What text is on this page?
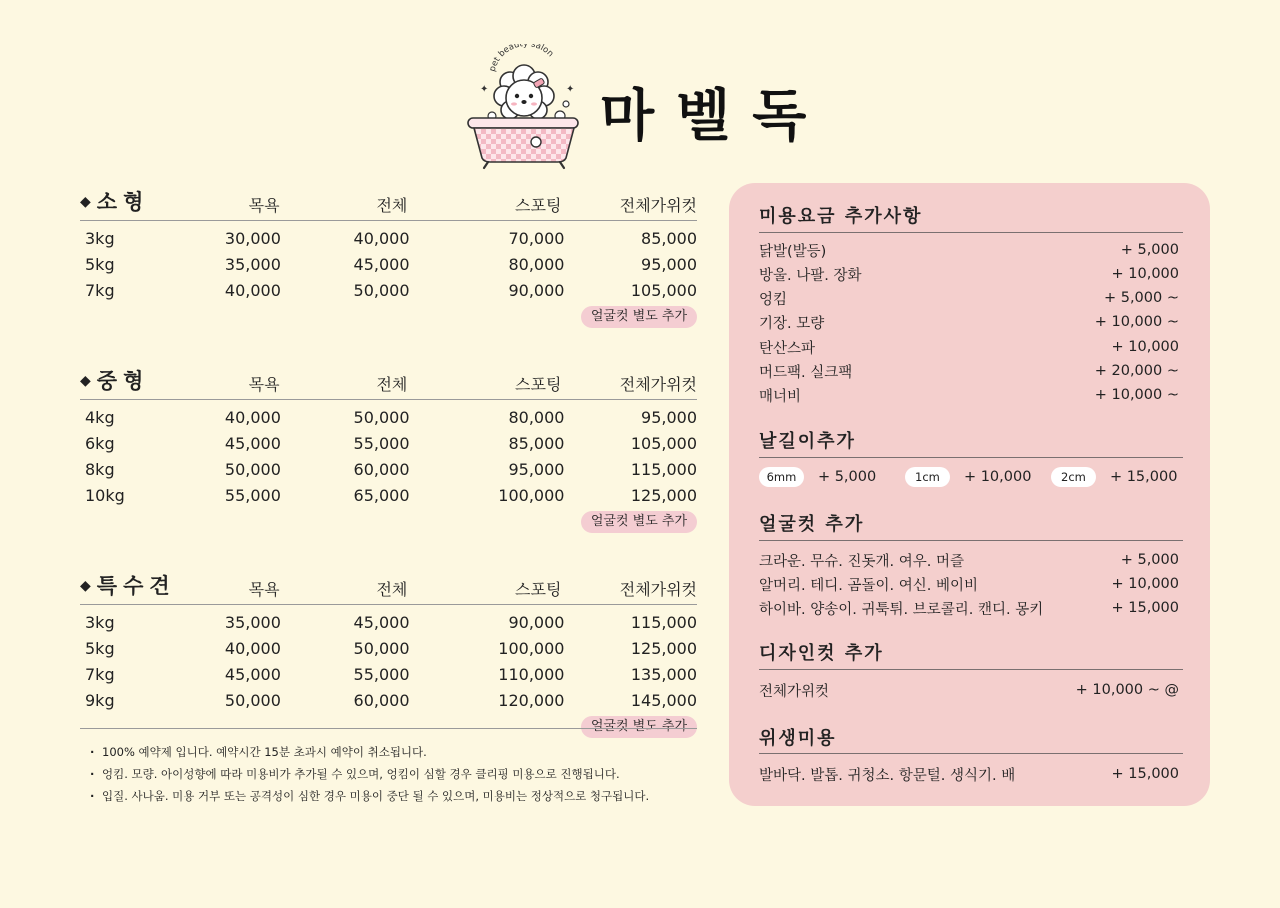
pet beauty salon
✦	✦ 마벨독
◆ 소형	목욕	전체	스포팅	전체가위컷
3kg	30,000	40,000	70,000	85,000
5kg	35,000	45,000	80,000	95,000
7kg	40,000	50,000	90,000	105,000
얼굴컷 별도 추가
◆ 중형	목욕	전체	스포팅	전체가위컷
4kg	40,000	50,000	80,000	95,000
6kg	45,000	55,000	85,000	105,000
8kg	50,000	60,000	95,000	115,000
10kg	55,000	65,000	100,000	125,000
얼굴컷 별도 추가
◆ 특수견	목욕	전체	스포팅	전체가위컷
3kg	35,000	45,000	90,000	115,000
5kg	40,000	50,000	100,000	125,000
7kg	45,000	55,000	110,000	135,000
9kg	50,000	60,000	120,000	145,000
얼굴컷 별도 추가
· 100% 예약제 입니다. 예약시간 15분 초과시 예약이 취소됩니다.
· 엉킴. 모량. 아이성향에 따라 미용비가 추가될 수 있으며, 엉킴이 심할 경우 클리핑 미용으로 진행됩니다.
· 입질. 사나움. 미용 거부 또는 공격성이 심한 경우 미용이 중단 될 수 있으며, 미용비는 정상적으로 청구됩니다.
미용요금 추가사항
닭발(발등)	+ 5,000
방울. 나팔. 장화	+ 10,000
엉킴	+ 5,000 ~
기장. 모량	+ 10,000 ~
탄산스파	+ 10,000
머드팩. 실크팩	+ 20,000 ~
매너비	+ 10,000 ~
날길이추가
6mm	+ 5,000	1cm	+ 10,000	2cm	+ 15,000
얼굴컷 추가
크라운. 무슈. 진돗개. 여우. 머즐	+ 5,000
알머리. 테디. 곰돌이. 여신. 베이비	+ 10,000
하이바. 양송이. 귀툭튀. 브로콜리. 캔디. 몽키	+ 15,000
디자인컷 추가
전체가위컷	+ 10,000 ~ @
위생미용
발바닥. 발톱. 귀청소. 항문털. 생식기. 배	+ 15,000
